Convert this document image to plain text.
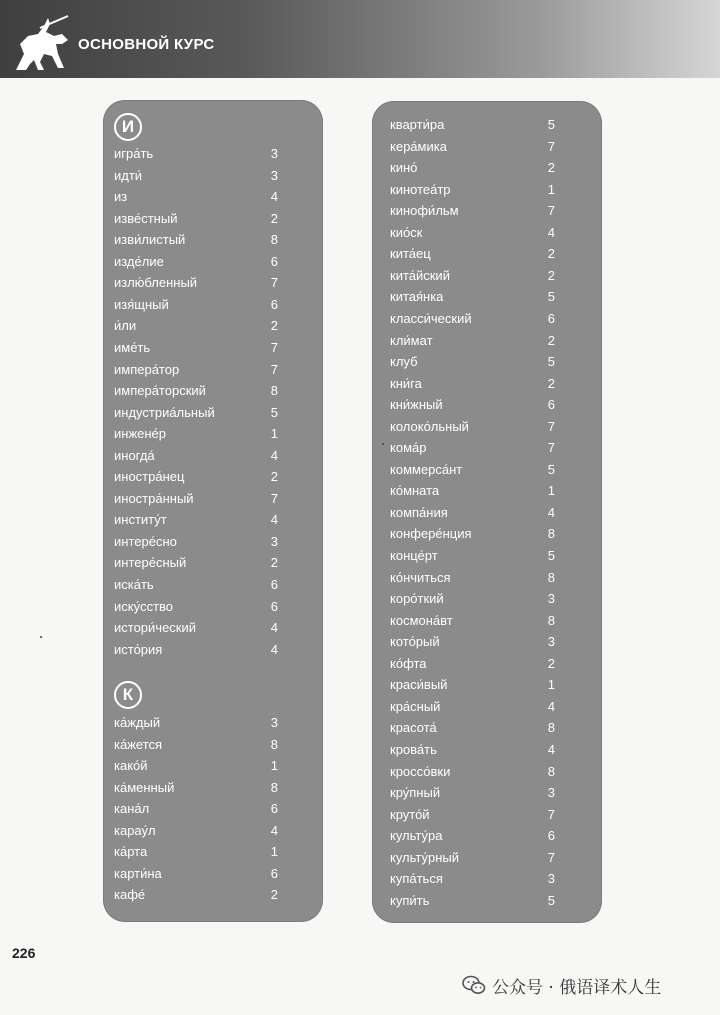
ОСНОВНОЙ КУРС
И
игра́ть	3
идти́	3
из	4
изве́стный	2
изви́листый	8
изде́лие	6
излю́бленный	7
изя́щный	6
и́ли	2
име́ть	7
импера́тор	7
импера́торский	8
индустриа́льный	5
инжене́р	1
иногда́	4
иностра́нец	2
иностра́нный	7
институ́т	4
интере́сно	3
интере́сный	2
иска́ть	6
иску́сство	6
истори́ческий	4
исто́рия	4
К
ка́ждый	3
ка́жется	8
како́й	1
ка́менный	8
кана́л	6
карау́л	4
ка́рта	1
карти́на	6
кафе́	2
кварти́ра	5
кера́мика	7
кино́	2
кинотеа́тр	1
кинофи́льм	7
кио́ск	4
кита́ец	2
кита́йский	2
китая́нка	5
класси́ческий	6
кли́мат	2
клуб	5
кни́га	2
кни́жный	6
колоко́льный	7
кома́р	7
коммерса́нт	5
ко́мната	1
компа́ния	4
конфере́нция	8
конце́рт	5
ко́нчиться	8
коро́ткий	3
космона́вт	8
кото́рый	3
ко́фта	2
краси́вый	1
кра́сный	4
красота́	8
крова́ть	4
кроссо́вки	8
кру́пный	3
круто́й	7
культу́ра	6
культу́рный	7
купа́ться	3
купи́ть	5
226
公众号 · 俄语译术人生
